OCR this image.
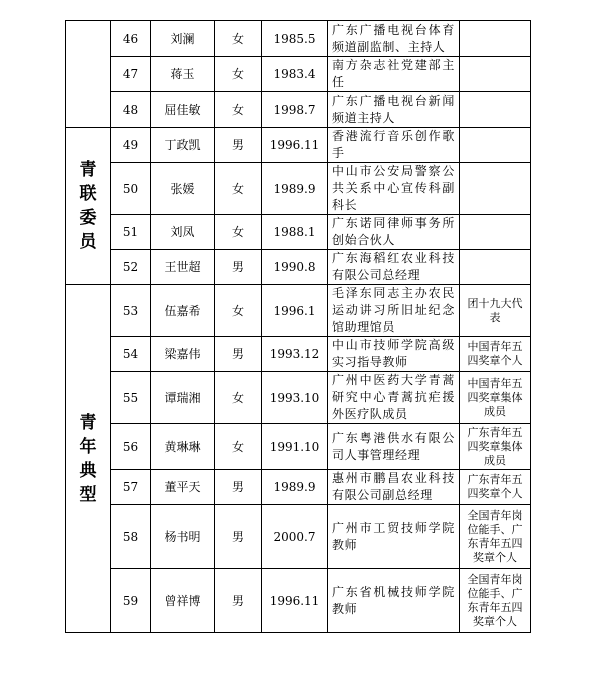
	46	刘澜	女	1985.5	广东广播电视台体育频道副监制、主持人	
	47	蒋玉	女	1983.4	南方杂志社党建部主任	
	48	屈佳敏	女	1998.7	广东广播电视台新闻频道主持人	
青联委员	49	丁政凯	男	1996.11	香港流行音乐创作歌手	
	50	张媛	女	1989.9	中山市公安局警察公共关系中心宣传科副科长	
	51	刘凤	女	1988.1	广东诺同律师事务所创始合伙人	
	52	王世超	男	1990.8	广东海稻红农业科技有限公司总经理	
青年典型	53	伍嘉希	女	1996.1	毛泽东同志主办农民运动讲习所旧址纪念馆助理馆员	团十九大代表
	54	梁嘉伟	男	1993.12	中山市技师学院高级实习指导教师	中国青年五四奖章个人
	55	谭瑞湘	女	1993.10	广州中医药大学青蒿研究中心青蒿抗疟援外医疗队成员	中国青年五四奖章集体成员
	56	黄琳琳	女	1991.10	广东粤港供水有限公司人事管理经理	广东青年五四奖章集体成员
	57	董平天	男	1989.9	惠州市鹏昌农业科技有限公司副总经理	广东青年五四奖章个人
	58	杨书明	男	2000.7	广州市工贸技师学院教师	全国青年岗位能手、广东青年五四奖章个人
	59	曾祥博	男	1996.11	广东省机械技师学院教师	全国青年岗位能手、广东青年五四奖章个人
